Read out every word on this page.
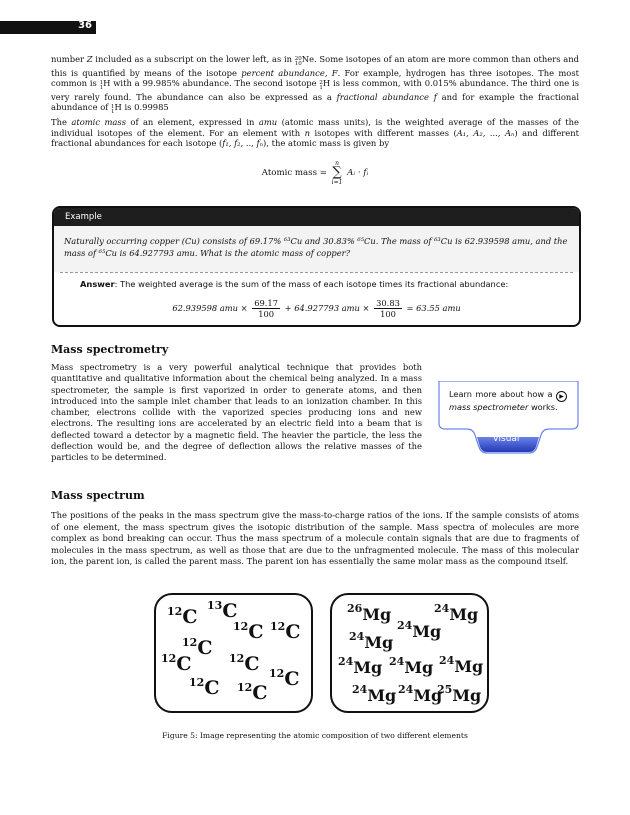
36

number Z included as a subscript on the lower left, as in 20
10 Ne. Some isotopes of an atom are more common than others and this is quantified by means of the isotope percent abundance, F. For example, hydrogen has three isotopes. The most common is 1
1 H with a 99.985% abundance. The second isotope 2
1 H is less common, with 0.015% abundance. The third one is very rarely found. The abundance can also be expressed as a fractional abundance f and for example the fractional abundance of 1
1 H is 0.99985

The atomic mass of an element, expressed in amu (atomic mass units), is the weighted average of the masses of the individual isotopes of the element. For an element with n isotopes with different masses (A₁, A₂, ..., Aₙ) and different fractional abundances for each isotope (f₁, f₂, .., fₙ), the atomic mass is given by

Atomic mass =
n
∑
i=1
Aᵢ · fᵢ
Example
Naturally occurring copper (Cu) consists of 69.17% ⁶³Cu and 30.83% ⁶⁵Cu. The mass of ⁶³Cu is 62.939598 amu, and the mass of ⁶⁵Cu is 64.927793 amu. What is the atomic mass of copper?
Answer: The weighted average is the sum of the mass of each isotope times its fractional abundance:
62.939598 amu × $\frac{69.17}{100} + 64.927793$ amu × $\frac{30.83}{100} = 63.55$ amu
Mass spectrometry

Mass spectrometry is a very powerful analytical technique that provides both quantitative and qualitative information about the chemical being analyzed. In a mass spectrometer, the sample is first vaporized in order to generate atoms, and then introduced into the sample inlet chamber that leads to an ionization chamber. In this chamber, electrons collide with the vaporized species producing ions and new electrons. The resulting ions are accelerated by an electric field into a beam that is deflected toward a detector by a magnetic field. The heavier the particle, the less the deflection would be, and the degree of deflection allows the relative masses of the particles to be determined.

Learn more about how a ▶ mass spectrometer works.
Visual
Mass spectrum

The positions of the peaks in the mass spectrum give the mass-to-charge ratios of the ions. If the sample consists of atoms of one element, the mass spectrum gives the isotopic distribution of the sample. Mass spectra of molecules are more complex as bond breaking can occur. Thus the mass spectrum of a molecule contain signals that are due to fragments of molecules in the mass spectrum, as well as those that are due to the unfragmented molecule. The mass of this molecular ion, the parent ion, is called the parent mass. The parent ion has essentially the same molar mass as the compound itself.

$^{13}$C
$^{12}$C	$^{12}$C $^{12}$C
$^{12}$C
$^{12}$C	$^{12}$C $^{12}$C
$^{12}$C $^{12}$C
$^{26}$Mg	$^{24}$Mg
$^{24}$Mg
$^{24}$Mg
$^{24}$Mg $^{24}$Mg $^{24}$Mg
$^{24}$Mg $^{24}$Mg
$^{25}$Mg
Figure 5: Image representing the atomic composition of two different elements
